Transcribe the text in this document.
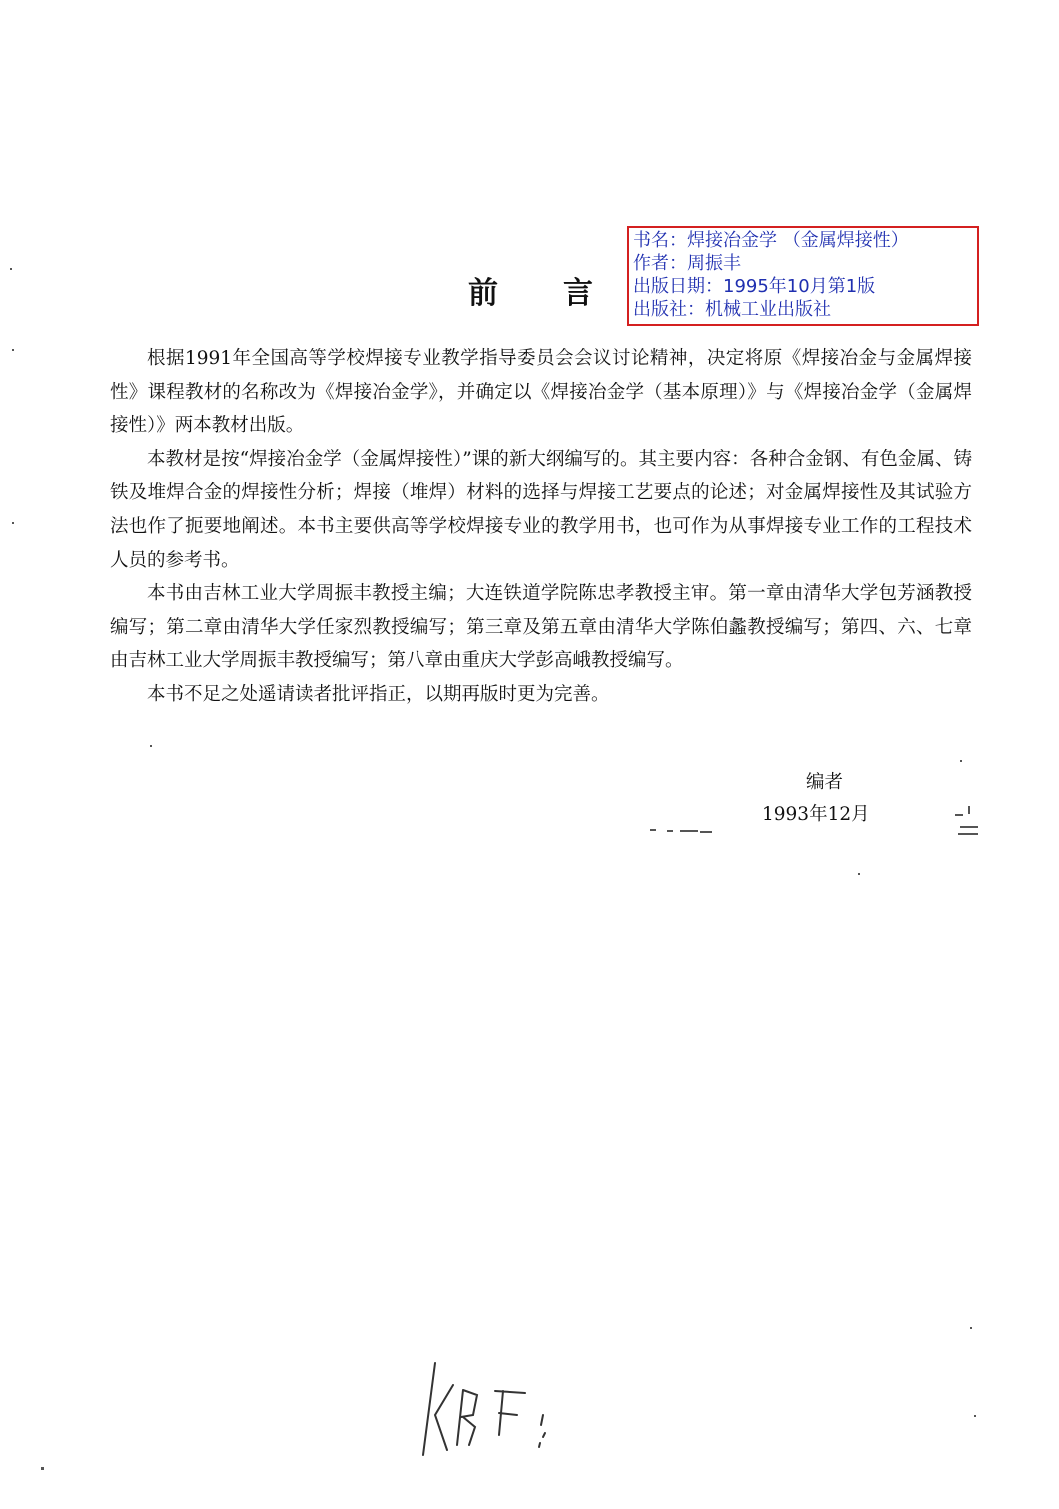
书名：焊接冶金学 （金属焊接性）
作者：周振丰
出版日期：1995年10月第1版
出版社：机械工业出版社
前 言

根据1991年全国高等学校焊接专业教学指导委员会会议讨论精神，决定将原《焊接冶金与金属焊接性》课程教材的名称改为《焊接冶金学》，并确定以《焊接冶金学（基本原理）》与《焊接冶金学（金属焊接性）》两本教材出版。

本教材是按“焊接冶金学（金属焊接性）”课的新大纲编写的。其主要内容：各种合金钢、有色金属、铸铁及堆焊合金的焊接性分析；焊接（堆焊）材料的选择与焊接工艺要点的论述；对金属焊接性及其试验方法也作了扼要地阐述。本书主要供高等学校焊接专业的教学用书，也可作为从事焊接专业工作的工程技术人员的参考书。

本书由吉林工业大学周振丰教授主编；大连铁道学院陈忠孝教授主审。第一章由清华大学包芳涵教授编写；第二章由清华大学任家烈教授编写；第三章及第五章由清华大学陈伯蠡教授编写；第四、六、七章由吉林工业大学周振丰教授编写；第八章由重庆大学彭高峨教授编写。

本书不足之处遥请读者批评指正，以期再版时更为完善。

编者
1993年12月
KA
